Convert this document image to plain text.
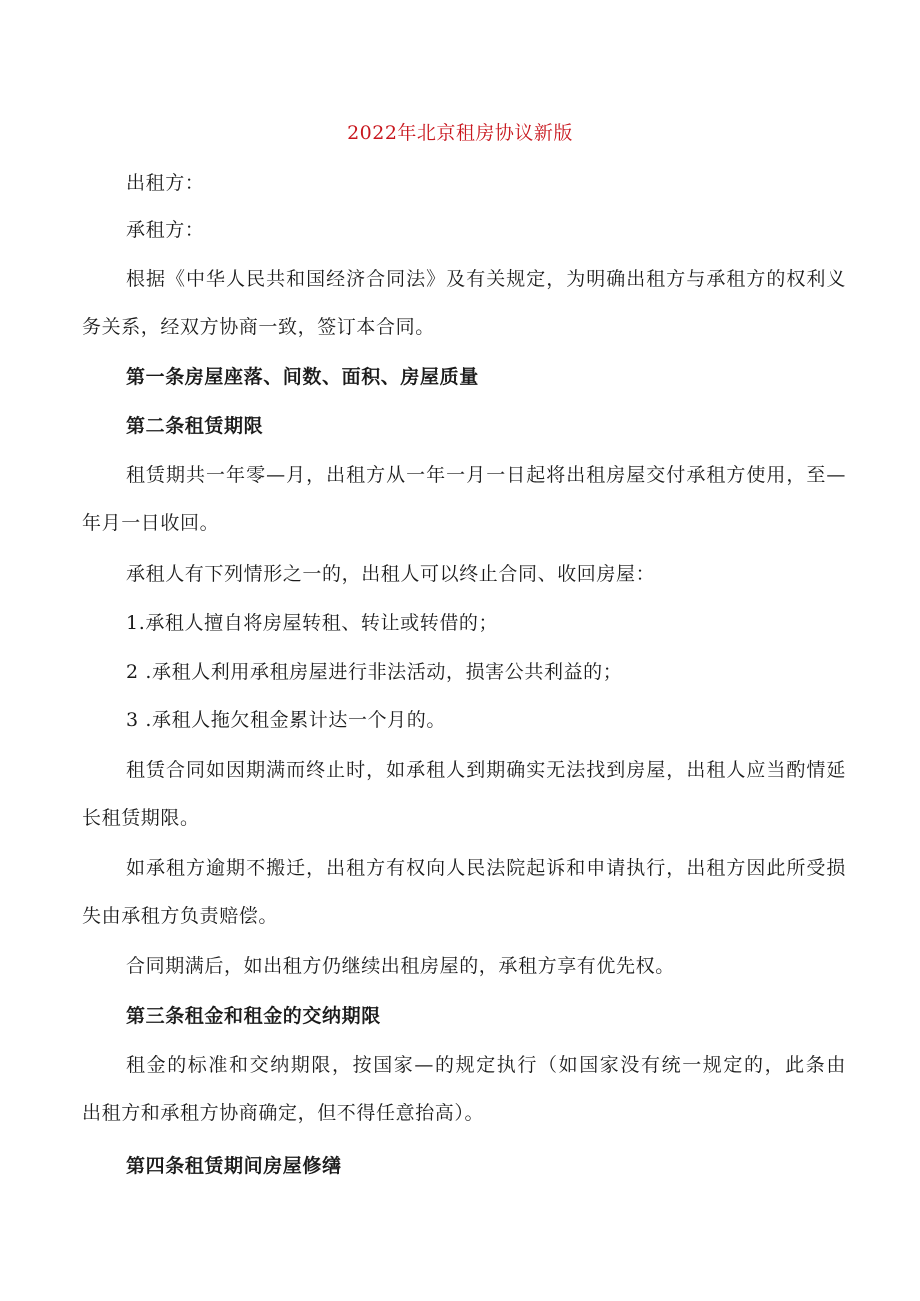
2022年北京租房协议新版
出租方：
承租方：
根据《中华人民共和国经济合同法》及有关规定，为明确出租方与承租方的权利义
务关系，经双方协商一致，签订本合同。
第一条房屋座落、间数、面积、房屋质量
第二条租赁期限
租赁期共一年零—月，出租方从一年一月一日起将出租房屋交付承租方使用，至—
年月一日收回。
承租人有下列情形之一的，出租人可以终止合同、收回房屋：
1.承租人擅自将房屋转租、转让或转借的；
2 .承租人利用承租房屋进行非法活动，损害公共利益的；
3 .承租人拖欠租金累计达一个月的。
租赁合同如因期满而终止时，如承租人到期确实无法找到房屋，出租人应当酌情延
长租赁期限。
如承租方逾期不搬迁，出租方有权向人民法院起诉和申请执行，出租方因此所受损
失由承租方负责赔偿。
合同期满后，如出租方仍继续出租房屋的，承租方享有优先权。
第三条租金和租金的交纳期限
租金的标准和交纳期限，按国家—的规定执行（如国家没有统一规定的，此条由
出租方和承租方协商确定，但不得任意抬高）。
第四条租赁期间房屋修缮
